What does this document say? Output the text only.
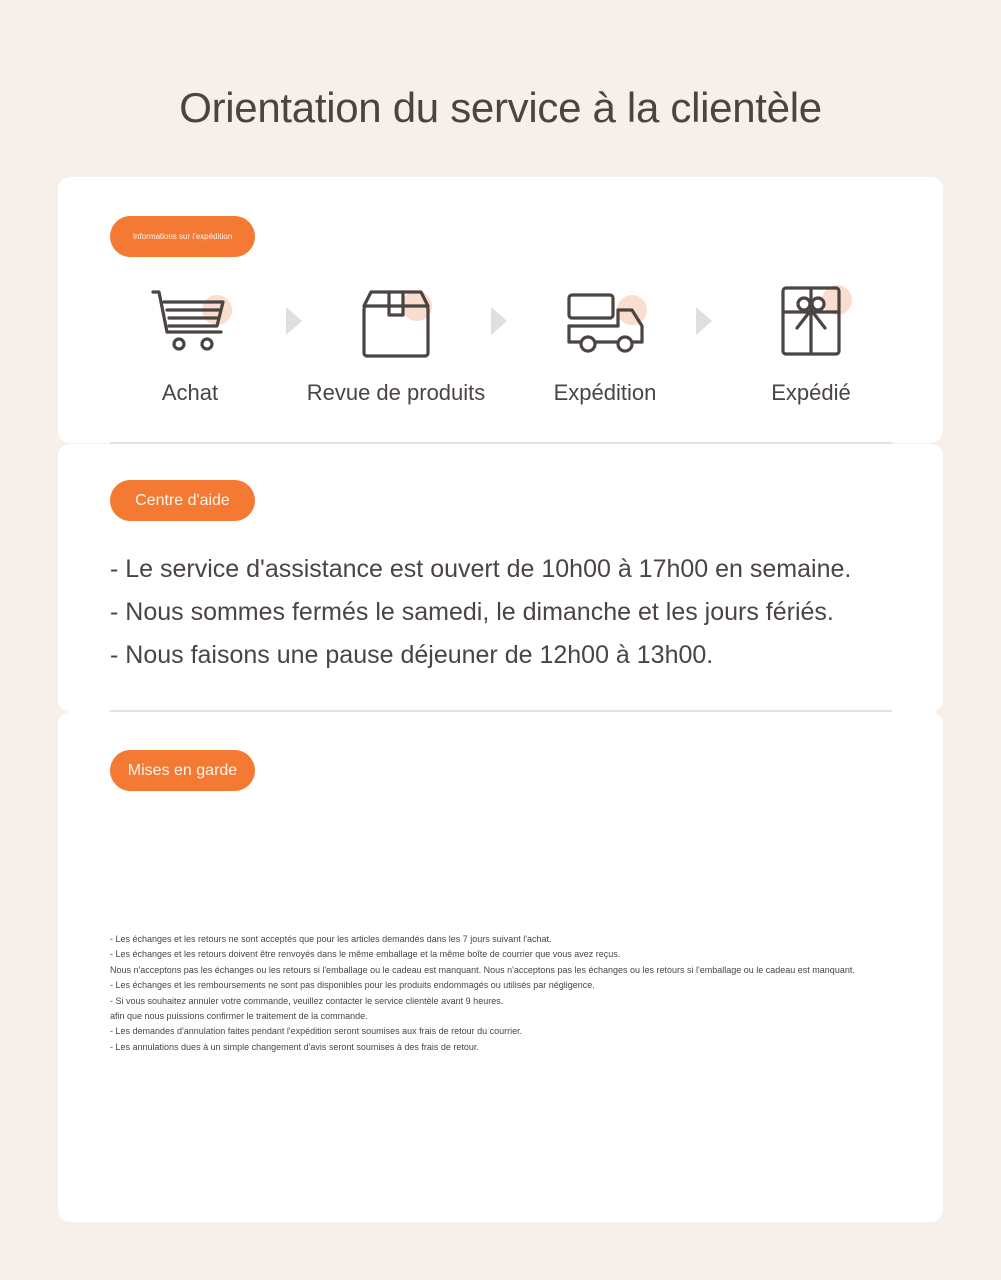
Orientation du service à la clientèle
Informations sur l'expédition
Achat	Revue de produits	Expédition	Expédié
Centre d'aide
- Le service d'assistance est ouvert de 10h00 à 17h00 en semaine.
- Nous sommes fermés le samedi, le dimanche et les jours fériés.
- Nous faisons une pause déjeuner de 12h00 à 13h00.
Mises en garde
- Les échanges et les retours ne sont acceptés que pour les articles demandés dans les 7 jours suivant l'achat.
- Les échanges et les retours doivent être renvoyés dans le même emballage et la même boîte de courrier que vous avez reçus.
Nous n'acceptons pas les échanges ou les retours si l'emballage ou le cadeau est manquant. Nous n'acceptons pas les échanges ou les retours si l'emballage ou le cadeau est manquant.
- Les échanges et les remboursements ne sont pas disponibles pour les produits endommagés ou utilisés par négligence.
- Si vous souhaitez annuler votre commande, veuillez contacter le service clientèle avant 9 heures.
afin que nous puissions confirmer le traitement de la commande.
- Les demandes d'annulation faites pendant l'expédition seront soumises aux frais de retour du courrier.
- Les annulations dues à un simple changement d'avis seront soumises à des frais de retour.
